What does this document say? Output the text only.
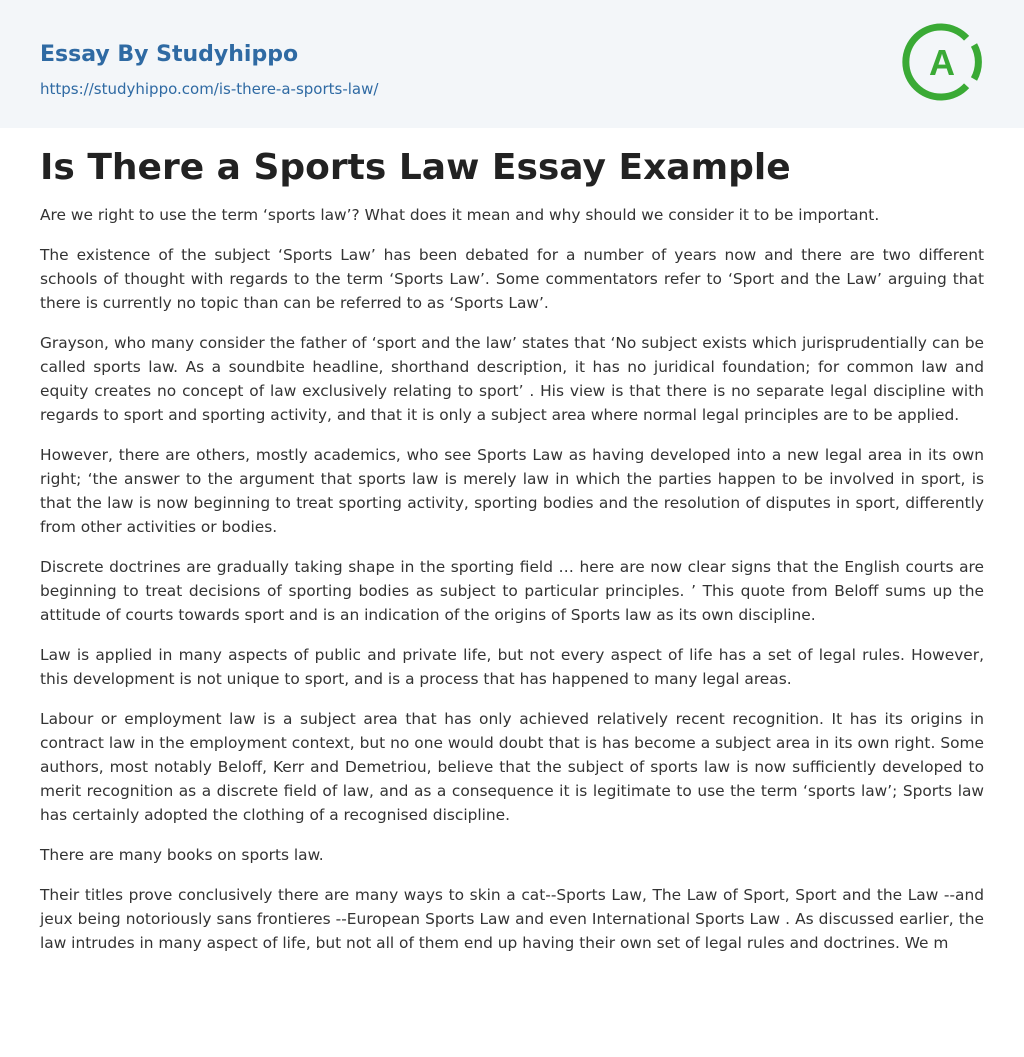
Essay By Studyhippo
https://studyhippo.com/is-there-a-sports-law/
A
Is There a Sports Law Essay Example

Are we right to use the term ‘sports law’? What does it mean and why should we consider it to be important.

The existence of the subject ‘Sports Law’ has been debated for a number of years now and there are two different schools of thought with regards to the term ‘Sports Law’. Some commentators refer to ‘Sport and the Law’ arguing that there is currently no topic than can be referred to as ‘Sports Law’.

Grayson, who many consider the father of ‘sport and the law’ states that ‘No subject exists which jurisprudentially can be called sports law. As a soundbite headline, shorthand description, it has no juridical foundation; for common law and equity creates no concept of law exclusively relating to sport’ . His view is that there is no separate legal discipline with regards to sport and sporting activity, and that it is only a subject area where normal legal principles are to be applied.

However, there are others, mostly academics, who see Sports Law as having developed into a new legal area in its own right; ‘the answer to the argument that sports law is merely law in which the parties happen to be involved in sport, is that the law is now beginning to treat sporting activity, sporting bodies and the resolution of disputes in sport, differently from other activities or bodies.

Discrete doctrines are gradually taking shape in the sporting field … here are now clear signs that the English courts are beginning to treat decisions of sporting bodies as subject to particular principles. ’ This quote from Beloff sums up the attitude of courts towards sport and is an indication of the origins of Sports law as its own discipline.

Law is applied in many aspects of public and private life, but not every aspect of life has a set of legal rules. However, this development is not unique to sport, and is a process that has happened to many legal areas.

Labour or employment law is a subject area that has only achieved relatively recent recognition. It has its origins in contract law in the employment context, but no one would doubt that is has become a subject area in its own right. Some authors, most notably Beloff, Kerr and Demetriou, believe that the subject of sports law is now sufficiently developed to merit recognition as a discrete field of law, and as a consequence it is legitimate to use the term ‘sports law’; Sports law has certainly adopted the clothing of a recognised discipline.

There are many books on sports law.

Their titles prove conclusively there are many ways to skin a cat--Sports Law, The Law of Sport, Sport and the Law --and jeux being notoriously sans frontieres --European Sports Law and even International Sports Law . As discussed earlier, the law intrudes in many aspect of life, but not all of them end up having their own set of legal rules and doctrines. We m
